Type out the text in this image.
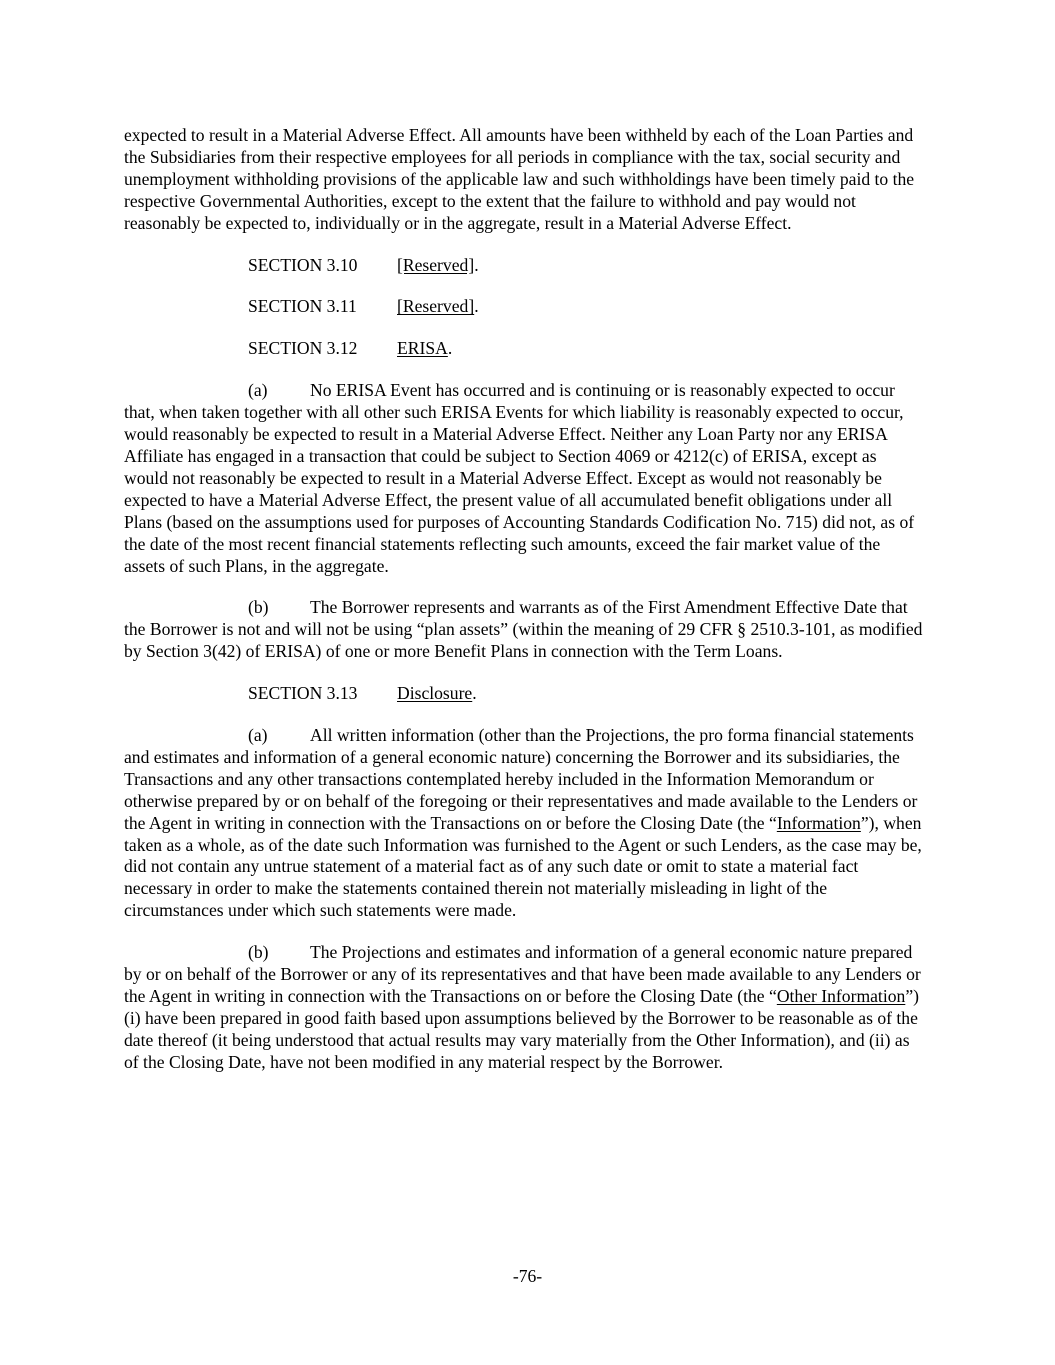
expected to result in a Material Adverse Effect. All amounts have been withheld by each of the Loan Parties and the Subsidiaries from their respective employees for all periods in compliance with the tax, social security and unemployment withholding provisions of the applicable law and such withholdings have been timely paid to the respective Governmental Authorities, except to the extent that the failure to withhold and pay would not reasonably be expected to, individually or in the aggregate, result in a Material Adverse Effect.

SECTION 3.10 [Reserved].

SECTION 3.11 [Reserved].

SECTION 3.12 ERISA.

(a) No ERISA Event has occurred and is continuing or is reasonably expected to occur that, when taken together with all other such ERISA Events for which liability is reasonably expected to occur, would reasonably be expected to result in a Material Adverse Effect. Neither any Loan Party nor any ERISA Affiliate has engaged in a transaction that could be subject to Section 4069 or 4212(c) of ERISA, except as would not reasonably be expected to result in a Material Adverse Effect. Except as would not reasonably be expected to have a Material Adverse Effect, the present value of all accumulated benefit obligations under all Plans (based on the assumptions used for purposes of Accounting Standards Codification No. 715) did not, as of the date of the most recent financial statements reflecting such amounts, exceed the fair market value of the assets of such Plans, in the aggregate.

(b) The Borrower represents and warrants as of the First Amendment Effective Date that the Borrower is not and will not be using “plan assets” (within the meaning of 29 CFR § 2510.3-101, as modified by Section 3(42) of ERISA) of one or more Benefit Plans in connection with the Term Loans.

SECTION 3.13 Disclosure.

(a) All written information (other than the Projections, the pro forma financial statements and estimates and information of a general economic nature) concerning the Borrower and its subsidiaries, the Transactions and any other transactions contemplated hereby included in the Information Memorandum or otherwise prepared by or on behalf of the foregoing or their representatives and made available to the Lenders or the Agent in writing in connection with the Transactions on or before the Closing Date (the “Information”), when taken as a whole, as of the date such Information was furnished to the Agent or such Lenders, as the case may be, did not contain any untrue statement of a material fact as of any such date or omit to state a material fact necessary in order to make the statements contained therein not materially misleading in light of the circumstances under which such statements were made.

(b) The Projections and estimates and information of a general economic nature prepared by or on behalf of the Borrower or any of its representatives and that have been made available to any Lenders or the Agent in writing in connection with the Transactions on or before the Closing Date (the “Other Information”) (i) have been prepared in good faith based upon assumptions believed by the Borrower to be reasonable as of the date thereof (it being understood that actual results may vary materially from the Other Information), and (ii) as of the Closing Date, have not been modified in any material respect by the Borrower.

-76-
